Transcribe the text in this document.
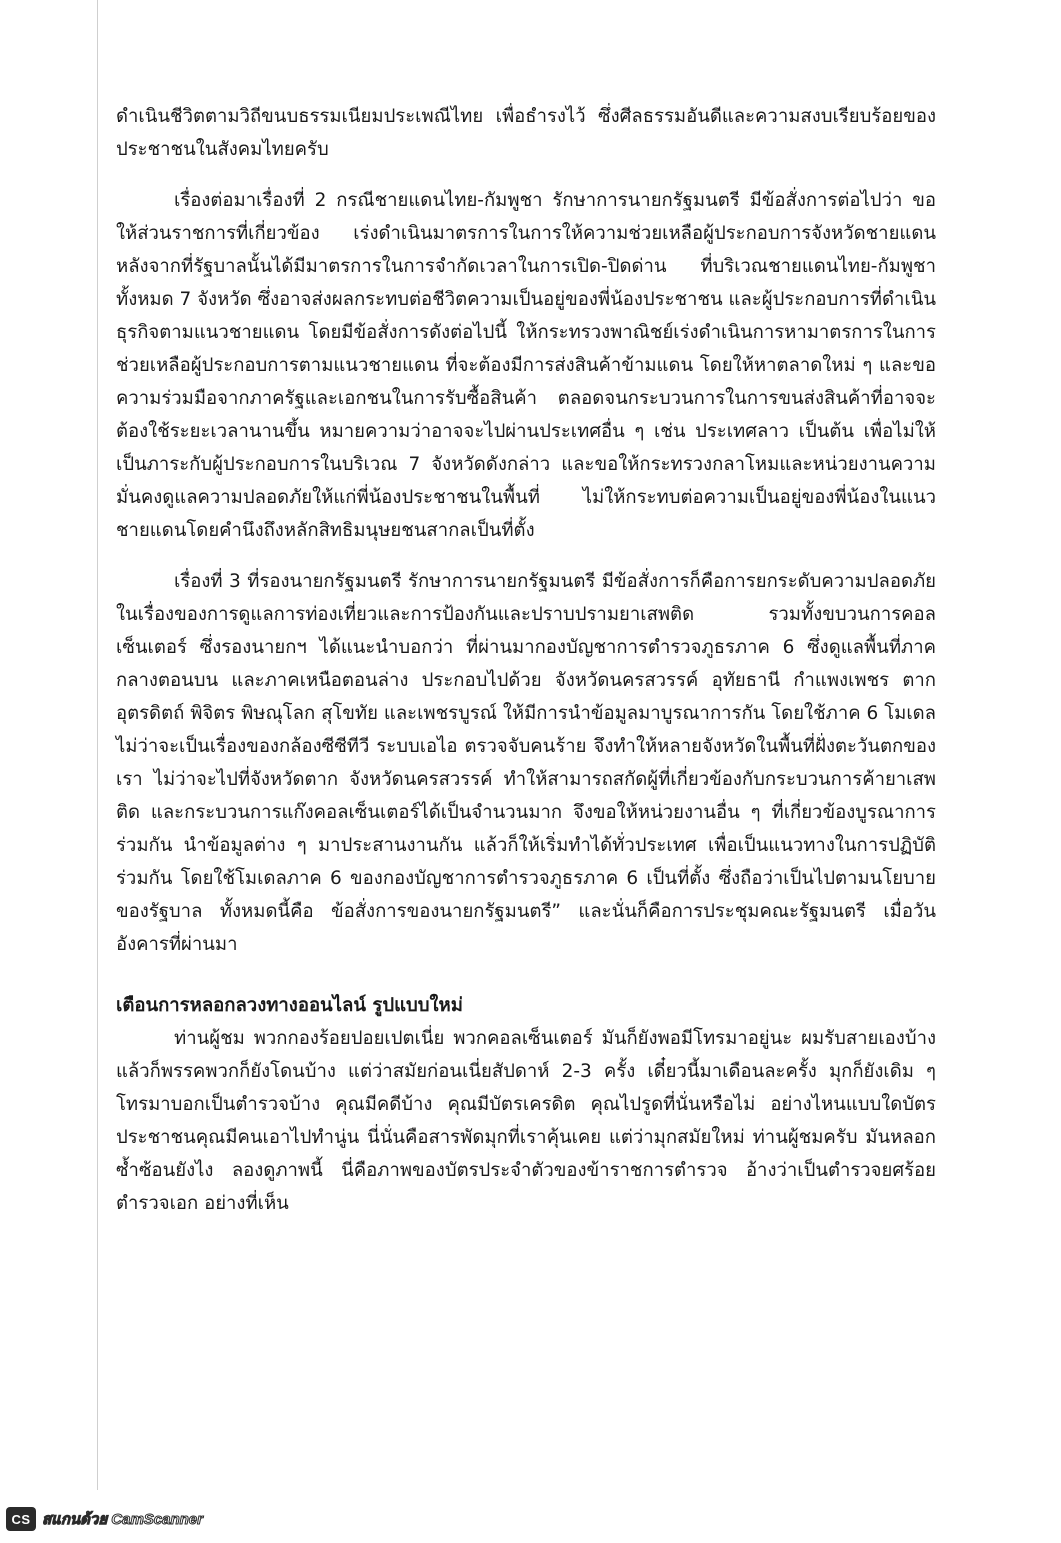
ดำเนินชีวิตตามวิถีขนบธรรมเนียมประเพณีไทย เพื่อธำรงไว้ ซึ่งศีลธรรมอันดีและความสงบเรียบร้อยของประชาชนในสังคมไทยครับ

เรื่องต่อมาเรื่องที่ 2 กรณีชายแดนไทย-กัมพูชา รักษาการนายกรัฐมนตรี มีข้อสั่งการต่อไปว่า ขอให้ส่วนราชการที่เกี่ยวข้อง เร่งดำเนินมาตรการในการให้ความช่วยเหลือผู้ประกอบการจังหวัดชายแดน หลังจากที่รัฐบาลนั้นได้มีมาตรการในการจำกัดเวลาในการเปิด-ปิดด่าน ที่บริเวณชายแดนไทย-กัมพูชาทั้งหมด 7 จังหวัด ซึ่งอาจส่งผลกระทบต่อชีวิตความเป็นอยู่ของพี่น้องประชาชน และผู้ประกอบการที่ดำเนินธุรกิจตามแนวชายแดน โดยมีข้อสั่งการดังต่อไปนี้ ให้กระทรวงพาณิชย์เร่งดำเนินการหามาตรการในการช่วยเหลือผู้ประกอบการตามแนวชายแดน ที่จะต้องมีการส่งสินค้าข้ามแดน โดยให้หาตลาดใหม่ ๆ และขอความร่วมมือจากภาครัฐและเอกชนในการรับซื้อสินค้า ตลอดจนกระบวนการในการขนส่งสินค้าที่อาจจะต้องใช้ระยะเวลานานขึ้น หมายความว่าอาจจะไปผ่านประเทศอื่น ๆ เช่น ประเทศลาว เป็นต้น เพื่อไม่ให้เป็นภาระกับผู้ประกอบการในบริเวณ 7 จังหวัดดังกล่าว และขอให้กระทรวงกลาโหมและหน่วยงานความมั่นคงดูแลความปลอดภัยให้แก่พี่น้องประชาชนในพื้นที่ ไม่ให้กระทบต่อความเป็นอยู่ของพี่น้องในแนวชายแดนโดยคำนึงถึงหลักสิทธิมนุษยชนสากลเป็นที่ตั้ง

เรื่องที่ 3 ที่รองนายกรัฐมนตรี รักษาการนายกรัฐมนตรี มีข้อสั่งการก็คือการยกระดับความปลอดภัยในเรื่องของการดูแลการท่องเที่ยวและการป้องกันและปราบปรามยาเสพติด รวมทั้งขบวนการคอลเซ็นเตอร์ ซึ่งรองนายกฯ ได้แนะนำบอกว่า ที่ผ่านมากองบัญชาการตำรวจภูธรภาค 6 ซึ่งดูแลพื้นที่ภาคกลางตอนบน และภาคเหนือตอนล่าง ประกอบไปด้วย จังหวัดนครสวรรค์ อุทัยธานี กำแพงเพชร ตาก อุตรดิตถ์ พิจิตร พิษณุโลก สุโขทัย และเพชรบูรณ์ ให้มีการนำข้อมูลมาบูรณาการกัน โดยใช้ภาค 6 โมเดล ไม่ว่าจะเป็นเรื่องของกล้องซีซีทีวี ระบบเอไอ ตรวจจับคนร้าย จึงทำให้หลายจังหวัดในพื้นที่ฝั่งตะวันตกของเรา ไม่ว่าจะไปที่จังหวัดตาก จังหวัดนครสวรรค์ ทำให้สามารถสกัดผู้ที่เกี่ยวข้องกับกระบวนการค้ายาเสพติด และกระบวนการแก๊งคอลเซ็นเตอร์ได้เป็นจำนวนมาก จึงขอให้หน่วยงานอื่น ๆ ที่เกี่ยวข้องบูรณาการร่วมกัน นำข้อมูลต่าง ๆ มาประสานงานกัน แล้วก็ให้เริ่มทำได้ทั่วประเทศ เพื่อเป็นแนวทางในการปฏิบัติร่วมกัน โดยใช้โมเดลภาค 6 ของกองบัญชาการตำรวจภูธรภาค 6 เป็นที่ตั้ง ซึ่งถือว่าเป็นไปตามนโยบายของรัฐบาล ทั้งหมดนี้คือ ข้อสั่งการของนายกรัฐมนตรี” และนั่นก็คือการประชุมคณะรัฐมนตรี เมื่อวันอังคารที่ผ่านมา

เตือนการหลอกลวงทางออนไลน์ รูปแบบใหม่

ท่านผู้ชม พวกกองร้อยปอยเปตเนี่ย พวกคอลเซ็นเตอร์ มันก็ยังพอมีโทรมาอยู่นะ ผมรับสายเองบ้าง แล้วก็พรรคพวกก็ยังโดนบ้าง แต่ว่าสมัยก่อนเนี่ยสัปดาห์ 2-3 ครั้ง เดี๋ยวนี้มาเดือนละครั้ง มุกก็ยังเดิม ๆ โทรมาบอกเป็นตำรวจบ้าง คุณมีคดีบ้าง คุณมีบัตรเครดิต คุณไปรูดที่นั่นหรือไม่ อย่างไหนแบบใดบัตรประชาชนคุณมีคนเอาไปทำนู่น นี่นั่นคือสารพัดมุกที่เราคุ้นเคย แต่ว่ามุกสมัยใหม่ ท่านผู้ชมครับ มันหลอกซ้ำซ้อนยังไง ลองดูภาพนี้ นี่คือภาพของบัตรประจำตัวของข้าราชการตำรวจ อ้างว่าเป็นตำรวจยศร้อยตำรวจเอก อย่างที่เห็น

CS สแกนด้วย CamScanner
